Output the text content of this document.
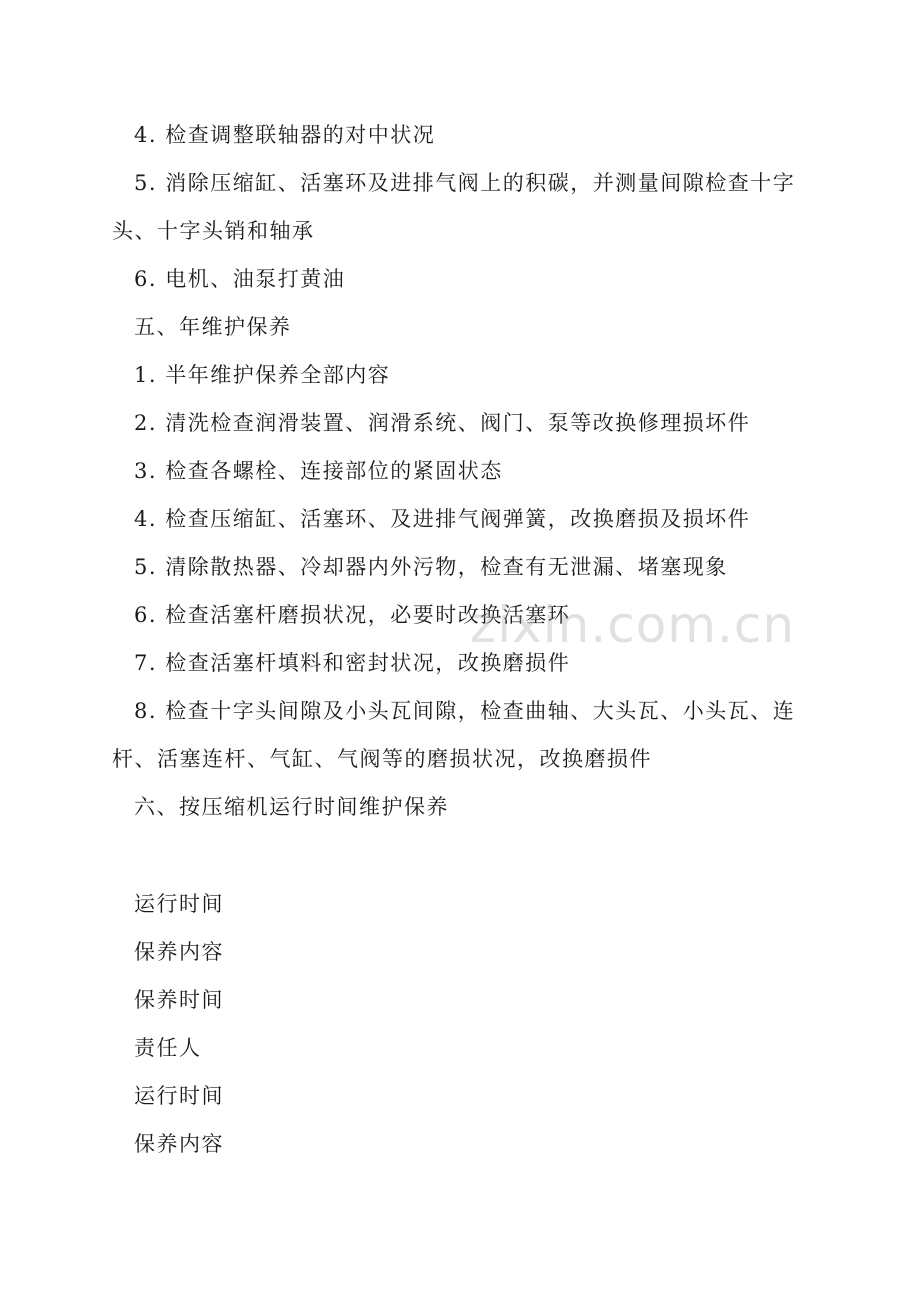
4. 检查调整联轴器的对中状况

5. 消除压缩缸、活塞环及进排气阀上的积碳，并测量间隙检查十字头、十字头销和轴承

6. 电机、油泵打黄油

五、年维护保养

1. 半年维护保养全部内容

2. 清洗检查润滑装置、润滑系统、阀门、泵等改换修理损坏件

3. 检查各螺栓、连接部位的紧固状态

4. 检查压缩缸、活塞环、及进排气阀弹簧，改换磨损及损坏件

5. 清除散热器、冷却器内外污物，检查有无泄漏、堵塞现象

6. 检查活塞杆磨损状况，必要时改换活塞环

7. 检查活塞杆填料和密封状况，改换磨损件

8. 检查十字头间隙及小头瓦间隙，检查曲轴、大头瓦、小头瓦、连杆、活塞连杆、气缸、气阀等的磨损状况，改换磨损件

六、按压缩机运行时间维护保养

运行时间

保养内容

保养时间

责任人

运行时间

保养内容

zixin.com.cn
